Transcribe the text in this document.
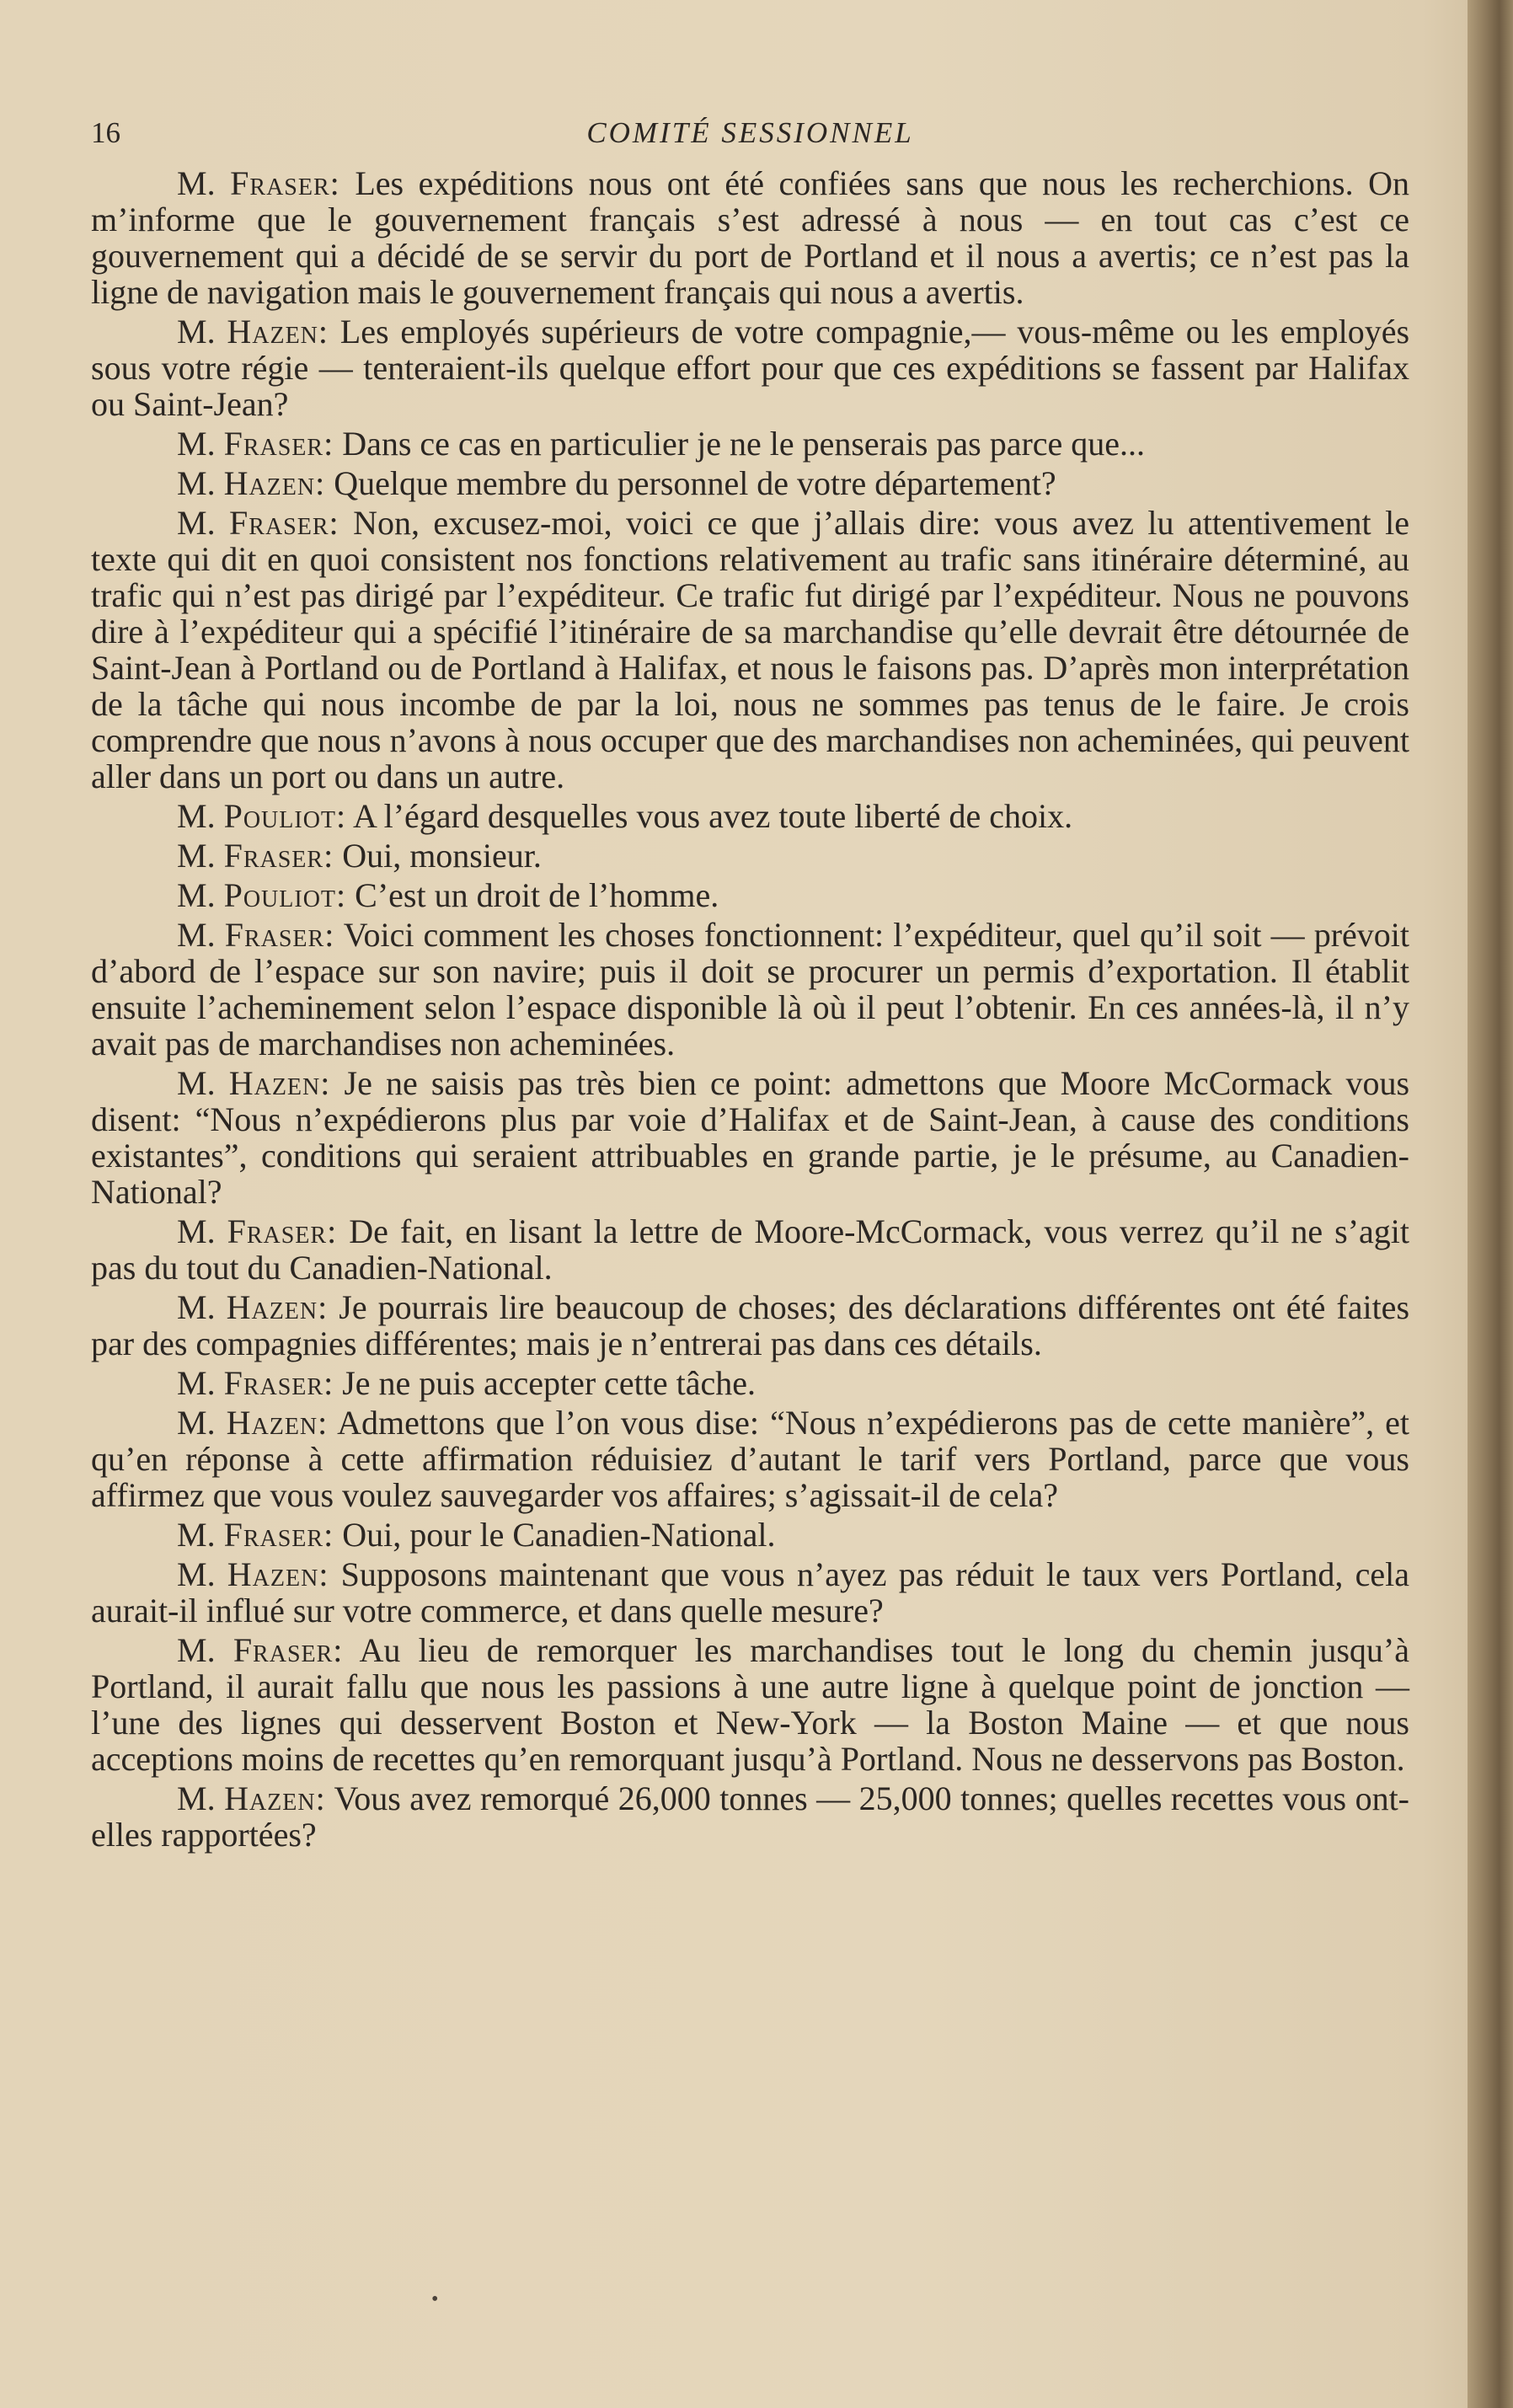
16	COMITÉ SESSIONNEL

M. Fraser: Les expéditions nous ont été confiées sans que nous les recherchions. On m’informe que le gouvernement français s’est adressé à nous — en tout cas c’est ce gouvernement qui a décidé de se servir du port de Portland et il nous a avertis; ce n’est pas la ligne de navigation mais le gouvernement français qui nous a avertis.

M. Hazen: Les employés supérieurs de votre compagnie,— vous-même ou les employés sous votre régie — tenteraient-ils quelque effort pour que ces expéditions se fassent par Halifax ou Saint-Jean?

M. Fraser: Dans ce cas en particulier je ne le penserais pas parce que...

M. Hazen: Quelque membre du personnel de votre département?

M. Fraser: Non, excusez-moi, voici ce que j’allais dire: vous avez lu attentivement le texte qui dit en quoi consistent nos fonctions relativement au trafic sans itinéraire déterminé, au trafic qui n’est pas dirigé par l’expéditeur. Ce trafic fut dirigé par l’expéditeur. Nous ne pouvons dire à l’expéditeur qui a spécifié l’itinéraire de sa marchandise qu’elle devrait être détournée de Saint-Jean à Portland ou de Portland à Halifax, et nous le faisons pas. D’après mon interprétation de la tâche qui nous incombe de par la loi, nous ne sommes pas tenus de le faire. Je crois comprendre que nous n’avons à nous occuper que des marchandises non acheminées, qui peuvent aller dans un port ou dans un autre.

M. Pouliot: A l’égard desquelles vous avez toute liberté de choix.

M. Fraser: Oui, monsieur.

M. Pouliot: C’est un droit de l’homme.

M. Fraser: Voici comment les choses fonctionnent: l’expéditeur, quel qu’il soit — prévoit d’abord de l’espace sur son navire; puis il doit se procurer un permis d’exportation. Il établit ensuite l’acheminement selon l’espace disponible là où il peut l’obtenir. En ces années-là, il n’y avait pas de marchandises non acheminées.

M. Hazen: Je ne saisis pas très bien ce point: admettons que Moore McCormack vous disent: “Nous n’expédierons plus par voie d’Halifax et de Saint-Jean, à cause des conditions existantes”, conditions qui seraient attribuables en grande partie, je le présume, au Canadien-National?

M. Fraser: De fait, en lisant la lettre de Moore-McCormack, vous verrez qu’il ne s’agit pas du tout du Canadien-National.

M. Hazen: Je pourrais lire beaucoup de choses; des déclarations différentes ont été faites par des compagnies différentes; mais je n’entrerai pas dans ces détails.

M. Fraser: Je ne puis accepter cette tâche.

M. Hazen: Admettons que l’on vous dise: “Nous n’expédierons pas de cette manière”, et qu’en réponse à cette affirmation réduisiez d’autant le tarif vers Portland, parce que vous affirmez que vous voulez sauvegarder vos affaires; s’agissait-il de cela?

M. Fraser: Oui, pour le Canadien-National.

M. Hazen: Supposons maintenant que vous n’ayez pas réduit le taux vers Portland, cela aurait-il influé sur votre commerce, et dans quelle mesure?

M. Fraser: Au lieu de remorquer les marchandises tout le long du chemin jusqu’à Portland, il aurait fallu que nous les passions à une autre ligne à quelque point de jonction — l’une des lignes qui desservent Boston et New-York — la Boston Maine — et que nous acceptions moins de recettes qu’en remorquant jusqu’à Portland. Nous ne desservons pas Boston.

M. Hazen: Vous avez remorqué 26,000 tonnes — 25,000 tonnes; quelles recettes vous ont-elles rapportées?

•
